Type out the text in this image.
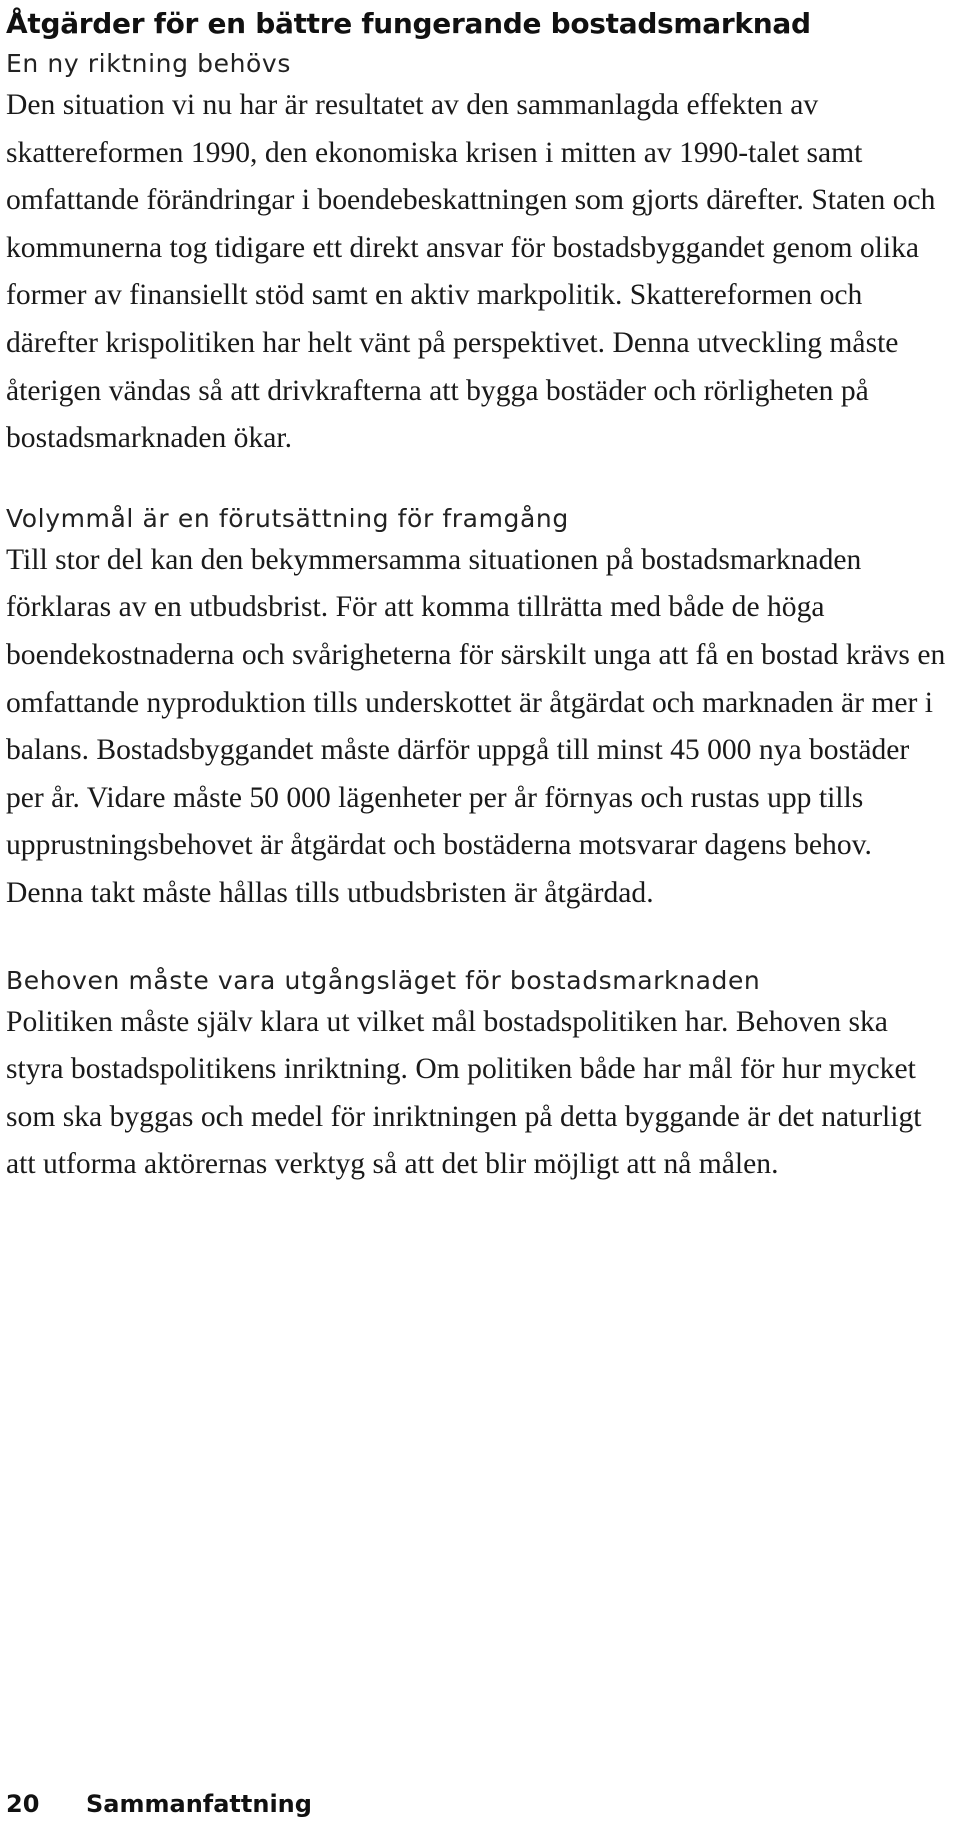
Åtgärder för en bättre fungerande bostadsmarknad
En ny riktning behövs

Den situation vi nu har är resultatet av den sammanlagda effekten av skattereformen 1990, den ekonomiska krisen i mitten av 1990-talet samt omfattande förändringar i boendebeskattningen som gjorts därefter. Staten och kommunerna tog tidigare ett direkt ansvar för bostadsbyggandet genom olika former av finansiellt stöd samt en aktiv markpolitik. Skattereformen och därefter krispolitiken har helt vänt på perspektivet. Denna utveckling måste återigen vändas så att drivkrafterna att bygga bostäder och rörligheten på bostadsmarknaden ökar.

Volymmål är en förutsättning för framgång

Till stor del kan den bekymmersamma situationen på bostadsmarknaden förklaras av en utbudsbrist. För att komma tillrätta med både de höga boendekostnaderna och svårigheterna för särskilt unga att få en bostad krävs en omfattande nyproduktion tills underskottet är åtgärdat och marknaden är mer i balans. Bostadsbyggandet måste därför uppgå till minst 45 000 nya bostäder per år. Vidare måste 50 000 lägenheter per år förnyas och rustas upp tills upprustningsbehovet är åtgärdat och bostäderna motsvarar dagens behov. Denna takt måste hållas tills utbudsbristen är åtgärdad.

Behoven måste vara utgångsläget för bostadsmarknaden

Politiken måste själv klara ut vilket mål bostadspolitiken har. Behoven ska styra bostadspolitikens inriktning. Om politiken både har mål för hur mycket som ska byggas och medel för inriktningen på detta byggande är det naturligt att utforma aktörernas verktyg så att det blir möjligt att nå målen.

20 Sammanfattning
